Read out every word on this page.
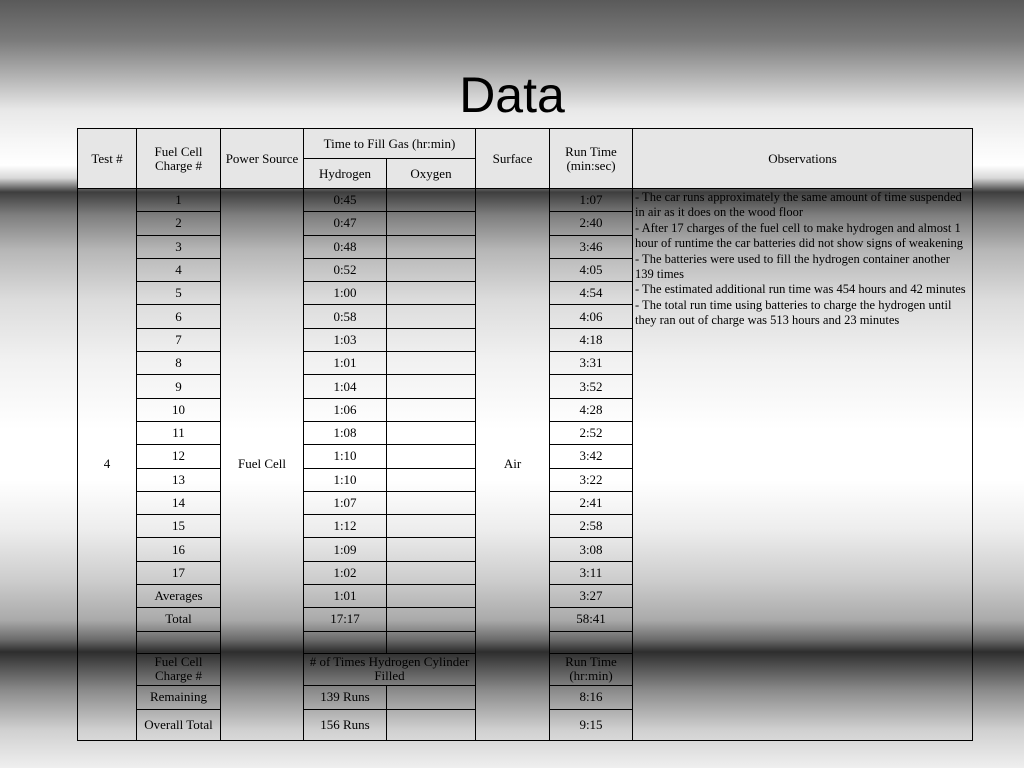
Data
Test #	Fuel Cell Charge #	Power Source	Time to Fill Gas (hr:min)		Surface	Run Time (min:sec)	Observations
			Hydrogen	Oxygen			
4	1	Fuel Cell	0:45		Air	1:07	- The car runs approximately the same amount of time suspended in air as it does on the wood floor
- After 17 charges of the fuel cell to make hydrogen and almost 1 hour of runtime the car batteries did not show signs of weakening
- The batteries were used to fill the hydrogen container another 139 times
- The estimated additional run time was 454 hours and 42 minutes
- The total run time using batteries to charge the hydrogen until they ran out of charge was 513 hours and 23 minutes

	2		0:47			2:40	
	3		0:48			3:46	
	4		0:52			4:05	
	5		1:00			4:54	
	6		0:58			4:06	
	7		1:03			4:18	
	8		1:01			3:31	
	9		1:04			3:52	
	10		1:06			4:28	
	11		1:08			2:52	
	12		1:10			3:42	
	13		1:10			3:22	
	14		1:07			2:41	
	15		1:12			2:58	
	16		1:09			3:08	
	17		1:02			3:11	
	Averages		1:01			3:27	
	Total		17:17			58:41	

	Fuel Cell Charge #		# of Times Hydrogen Cylinder Filled			Run Time (hr:min)	
	Remaining		139 Runs			8:16	
	Overall Total		156 Runs			9:15	
